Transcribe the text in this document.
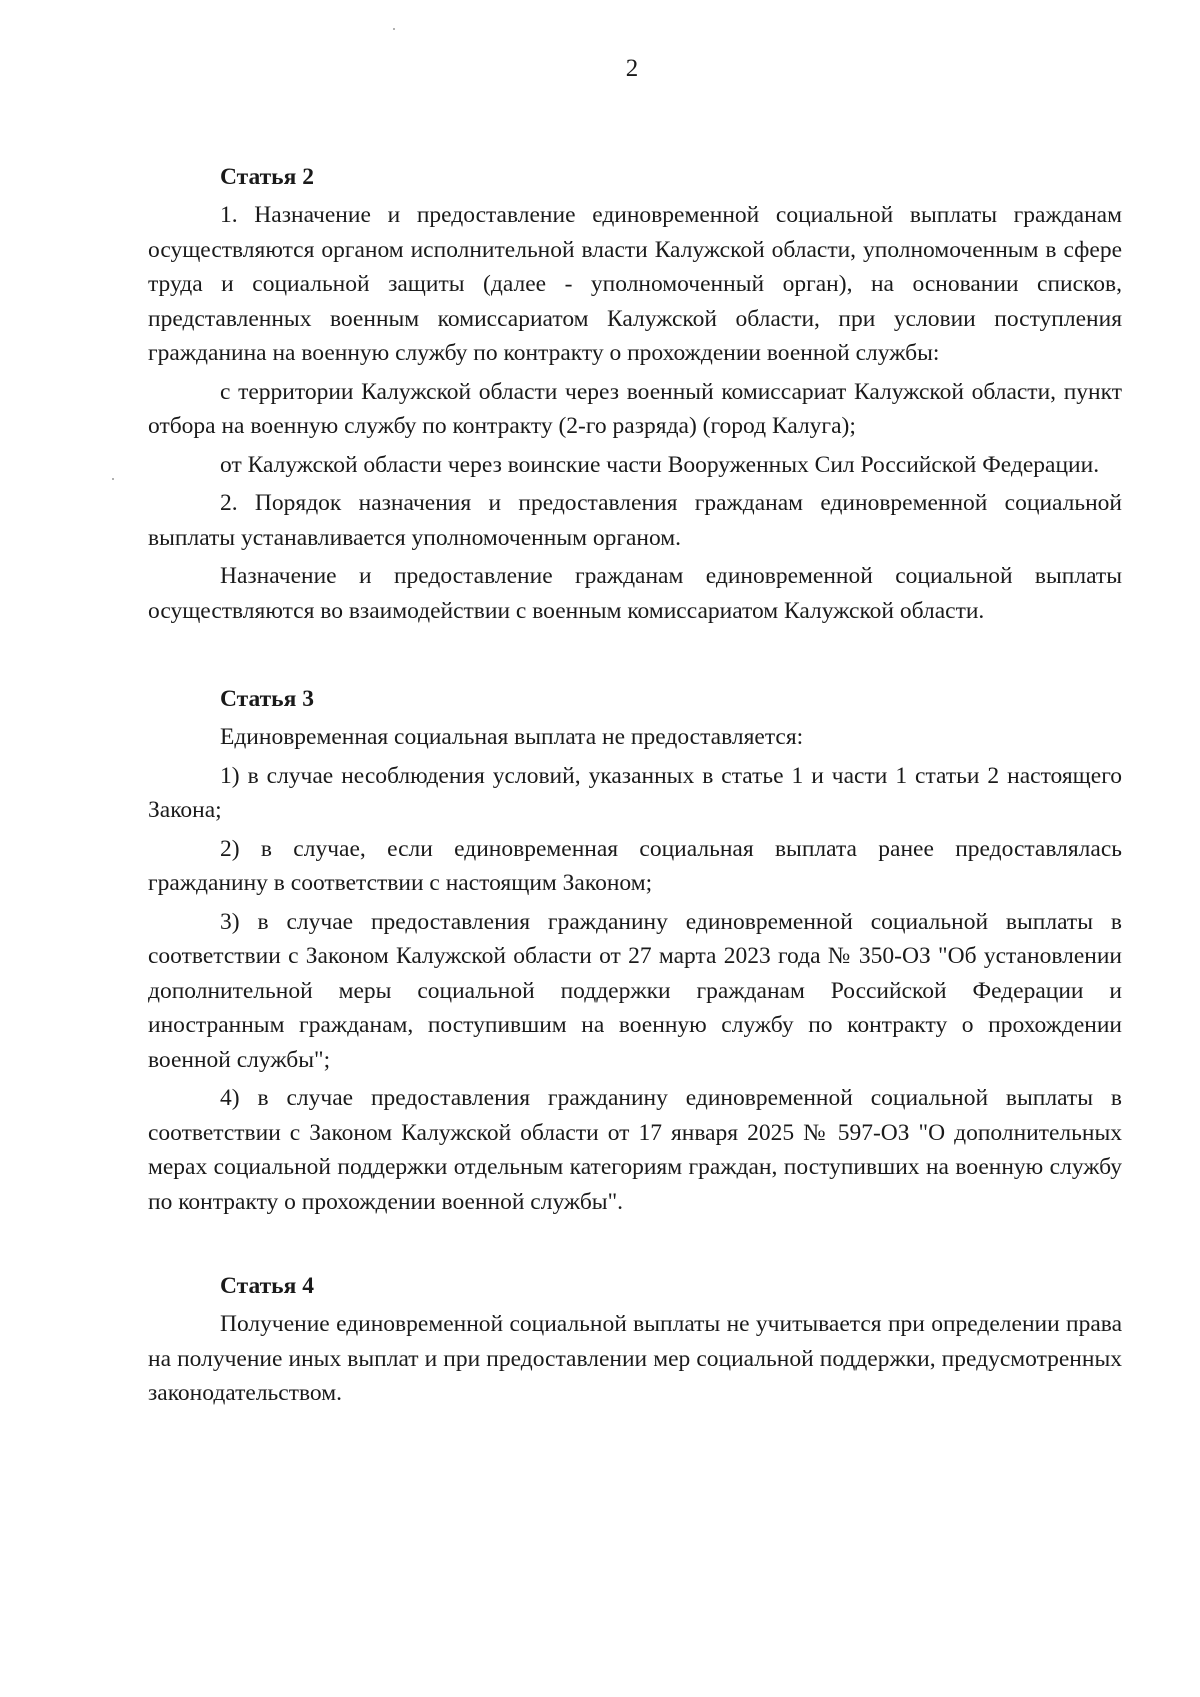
2
Статья 2

1. Назначение и предоставление единовременной социальной выплаты гражданам осуществляются органом исполнительной власти Калужской области, уполномоченным в сфере труда и социальной защиты (далее - уполномоченный орган), на основании списков, представленных военным комиссариатом Калужской области, при условии поступления гражданина на военную службу по контракту о прохождении военной службы:

с территории Калужской области через военный комиссариат Калужской области, пункт отбора на военную службу по контракту (2-го разряда) (город Калуга);

от Калужской области через воинские части Вооруженных Сил Российской Федерации.

2. Порядок назначения и предоставления гражданам единовременной социальной выплаты устанавливается уполномоченным органом.

Назначение и предоставление гражданам единовременной социальной выплаты осуществляются во взаимодействии с военным комиссариатом Калужской области.

Статья 3

Единовременная социальная выплата не предоставляется:

1) в случае несоблюдения условий, указанных в статье 1 и части 1 статьи 2 настоящего Закона;

2) в случае, если единовременная социальная выплата ранее предоставлялась гражданину в соответствии с настоящим Законом;

3) в случае предоставления гражданину единовременной социальной выплаты в соответствии с Законом Калужской области от 27 марта 2023 года № 350-ОЗ "Об установлении дополнительной меры социальной поддержки гражданам Российской Федерации и иностранным гражданам, поступившим на военную службу по контракту о прохождении военной службы";

4) в случае предоставления гражданину единовременной социальной выплаты в соответствии с Законом Калужской области от 17 января 2025 № 597-ОЗ "О дополнительных мерах социальной поддержки отдельным категориям граждан, поступивших на военную службу по контракту о прохождении военной службы".

Статья 4

Получение единовременной социальной выплаты не учитывается при определении права на получение иных выплат и при предоставлении мер социальной поддержки, предусмотренных законодательством.
